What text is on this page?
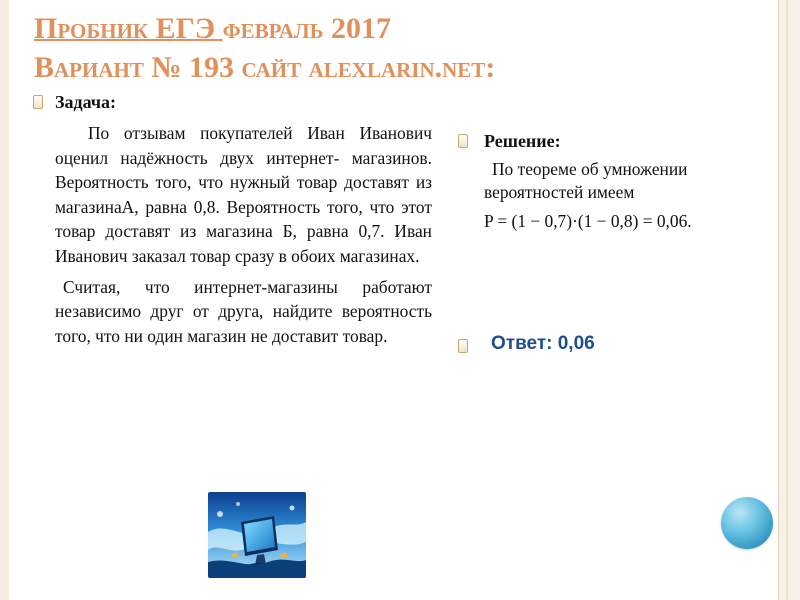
Пробник ЕГЭ февраль 2017
Вариант № 193 сайт alexlarin.net:

Задача:

По отзывам покупателей Иван Иванович оценил надёжность двух интернет‑ магазинов. Вероятность того, что нужный товар доставят из магазинаА, равна 0,8. Вероятность того, что этот товар доставят из магазина Б, равна 0,7. Иван Иванович заказал товар сразу в обоих магазинах.

Считая, что интернет‑магазины работают независимо друг от друга, найдите вероятность того, что ни один магазин не доставит товар.

Решение:

По теореме об умножении вероятностей имеем

P = (1 − 0,7)·(1 − 0,8) = 0,06.

Ответ: 0,06
